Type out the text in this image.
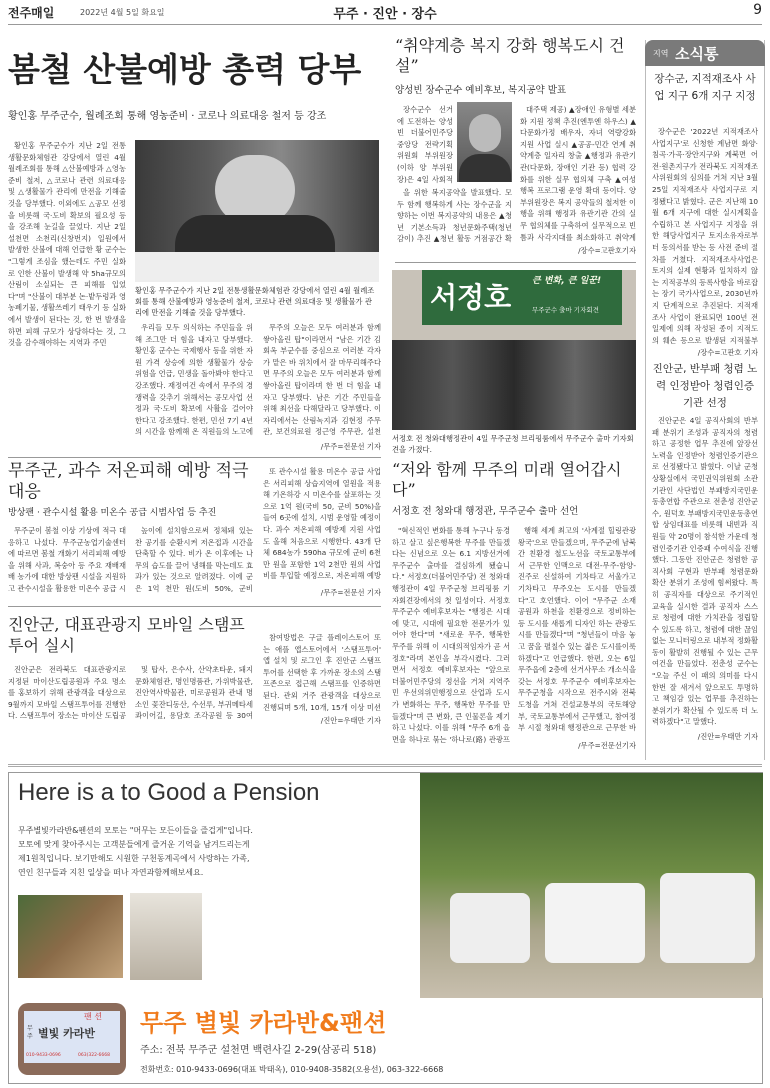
전주매일	2022년 4월 5일 화요일	무주 · 진안 · 장수	9
봄철 산불예방 총력 당부
황인홍 무주군수, 월례조회 통해 영농준비 · 코로나 의료대응 철저 등 강조

황인홍 무주군수가 지난 2일 전통생활문화체험관 강당에서 열린 4월 월례조회를 통해 △산불예방과 △영농준비 철저, △코로나 관련 의료대응 및 △생활물가 관리에 만전을 기해줄 것을 당부했다. 이외에도 △공모 선정을 비롯해 국·도비 확보의 필요성 등을 강조해 눈길을 끌었다. 지난 2일 설천면 소천리(신창번지) 일원에서 발생한 산불에 대해 언급한 황 군수는 "그렇게 조심을 했는데도 주민 실화로 인한 산불이 발생해 약 5ha규모의 산림이 소실되는 큰 피해를 입었다"며 "산불이 대부분 논·밭두렁과 영농폐기물, 생활쓰레기 태우기 등 실화에서 발생이 된다는 것, 한 번 발생을 하면 피해 규모가 상당하다는 것, 그것을 감수해야하는 지역과 주민

황인홍 무주군수가 지난 2일 전통생활문화체험관 강당에서 열린 4월 월례조회를 통해 산불예방과 영농준비 철저, 코로나 관련 의료대응 및 생활물가 관리에 만전을 기해줄 것을 당부했다.

우리들 모두 의식하는 주민들을 위해 조그만 더 힘을 내자고 당부했다. 황인홍 군수는 국제행사 등을 위한 자원 가격 상승에 의한 생활물가 상승 위험을 언급, 민생을 돌아봐야 한다고 강조했다. 재정여건 속에서 무주의 경쟁력을 갖추기 위해서는 공모사업 선정과 국·도비 확보에 사활을 걸어야 한다고 강조했다. 한편, 민선 7기 4년의 시간을 함께해 온 직원들의 노고에

무주의 오늘은 모두 여러분과 함께 쌓아올린 탑"이라면서 "남은 기간 김회옥 부군수를 중심으로 여러분 각자가 맡은 바 위치에서 잘 마무리해주다면 무주의 오늘은 모두 여러분과 함께 쌓아올린 탑이라며 한 번 더 힘을 내자고 당부했다. 남은 기간 주민들을 위해 최선을 다해달라고 당부했다. 이 자리에서는 산림녹지과 김현정 주무관, 보건의료원 정근영 주무관, 설천

/무주=전문선 기자
“취약계층 복지 강화 행복도시 건설”
양성빈 장수군수 예비후보, 복지공약 발표

장수군수 선거에 도전하는 양성빈 더불어민주당 중앙당 전략기획위원회 부위원장(이하 양 부위원장)은 4일 사회적

을 위한 복지공약을 발표했다. 모두 함께 행복하게 사는 장수군을 지향하는 이번 복지공약의 내용은 ▲청년 기본소득과 청년문화주택(청년 감이) 추진 ▲청년 활동 거점공간 확

대주택 제공) ▲장애인 유형별 세분화 지원 정책 추진(엔투엔 하우스) ▲다문화가정 배우자, 자녀 역량강화 지원 사업 실시 ▲공공-민간 연계 취약계층 일자리 창출 ▲행정과 유관기관(다문화, 장애인 기관 등) 협력 강화를 위한 실무 협의체 구축 ▲여성 행복 프로그램 운영 확대 등이다. 양 부위원장은 복지 공약들의 철저한 이행을 위해 행정과 유관기관 간의 실무 협의체를 구축하여 실무적으로 빈틈과 사각지대를 최소화하고 취약계

/장수=고판호기자
서정호 큰 변화, 큰 일꾼!
무주군수 출마 기자회견
서정호 전 청와대행정관이 4일 무주군청 브리핑룸에서 무주군수 출마 기자회견을 가졌다.
지역 소식통
장수군, 지적재조사 사업 지구 6개 지구 지정

장수군은 '2022년 지적재조사 사업지구'로 신청한 계남면 화양·침곡·가곡·장안지구와 계북면 어전·원촌지구가 전라북도 지적재조사위원회의 심의를 거쳐 지난 3월 25일 지적재조사 사업지구로 지정됐다고 밝혔다. 군은 지난해 10월 6개 지구에 대한 실시계획을 수립하고 본 사업지구 지정을 위한 해당사업지구 토지소유자로부터 동의서를 받는 등 사전 준비 절차를 거쳤다. 지적재조사사업은 토지의 실제 현황과 일치하지 않는 지적공부의 등록사항을 바로잡는 장기 국가사업으로, 2030년까지 단계적으로 추진된다. 지적재조사 사업이 완료되면 100년 전 일제에 의해 작성된 종이 지적도의 훼손 등으로 발생된 지적불부

/장수=고판호 기자
진안군, 반부패 청렴 노력 인정받아 청렴인증기관 선정

진안군은 4일 공직사회의 반부패 분위기 조성과 공직자의 청렴하고 공정한 업무 추진에 앞장선 노력을 인정받아 청렴인증기관으로 선정됐다고 밝혔다. 이날 군청 상황실에서 국민권익위원회 소관 기관인 사단법인 부패방지국민운동총연합 주관으로 전춘성 진안군수, 원덕호 부패방지국민운동총연합 상임대표를 비롯해 내빈과 직원들 약 20명이 참석한 가운데 청렴인증기관 인증패 수여식을 진행했다. 그동안 진안군은 청렴한 공직사회 구현과 반부패 청렴문화 확산 분위기 조성에 힘써왔다. 특히 공직자를 대상으로 주기적인 교육을 실시한 결과 공직자 스스로 청렴에 대한 가치관을 정립할 수 있도록 하고, 청렴에 대한 끊임없는 모니터링으로 내부적 정화활동이 활발히 진행될 수 있는 근무여건을 만들었다. 전춘성 군수는 "오늘 주신 이 패의 의미를 다시 한번 잘 새겨서 앞으로도 투명하고 책임감 있는 업무를 추진하는 분위기가 확산될 수 있도록 더 노력하겠다"고 말했다.

/진안=우태만 기자
무주군, 과수 저온피해 예방 적극 대응
방상팬 · 관수시설 활용 미온수 공급 시범사업 등 추진

무주군이 봄철 이상 기상에 적극 대응하고 나섰다. 무주군농업기술센터에 따르면 봄철 개화기 서리피해 예방을 위해 사과, 복숭아 등 주요 재배재배 농가에 대한 방상팬 시설을 지원하고 관수시설을 활용한 미온수 공급 시

높이에 설치함으로써 정체돼 있는 찬 공기를 순환시켜 저온접과 시간을 단축할 수 있다. 비가 온 이후에는 나무의 습도를 끌어 냉해를 막는데도 효과가 있는 것으로 알려졌다. 이에 군은 1억 천만 원(도비 50%, 군비

또 관수시설 활용 미온수 공급 사업은 서리피해 상습지역에 열원을 적용해 기온하강 시 미온수를 살포하는 것으로 1억 원(국비 50, 군비 50%)을 들여 6곳에 설치, 시범 운영할 예정이다. 과수 저온피해 예방제 지원 사업도 올해 처음으로 시행한다. 43개 단체 684농가 590ha 규모에 군비 6천만 원을 포함한 1억 2천만 원의 사업비를 투입할 예정으로, 저온피해 예방

/무주=전문선 기자
진안군, 대표관광지 모바일 스탬프투어 실시

진안군은 전라북도 대표관광지로 지정된 마이산도립공원과 주요 명소를 홍보하기 위해 관광객을 대상으로 9월까지 모바일 스탬프투어를 진행한다. 스탬프투어 장소는 마이산 도립공

및 탑사, 은수사, 산약초타운, 돼지문화체험관, 명인명품관, 가위박물관, 진안역사박물관, 미로공원과 관내 명소인 꽃잔디동산, 수선루, 부귀메타세콰이어길, 용담호 조각공원 등 30여

참여방법은 구글 플레이스토어 또는 애플 앱스토어에서 '스탬프투어' 앱 설치 및 로그인 후 진안군 스탬프투어를 선택한 후 가까운 장소의 스탬프존으로 접근해 스탬프를 인증하면 된다. 관외 거주 관광객을 대상으로 진행되며 5개, 10개, 15개 이상 미션

/진안=우태만 기자
“저와 함께 무주의 미래 열어갑시다”
서정호 전 청와대 행정관, 무주군수 출마 선언

"혁신적인 변화를 통해 누구나 동경하고 살고 싶은행복한 무주를 만들겠다는 신념으로 오는 6.1 지방선거에 무주군수 출마를 결심하게 됐습니다." 서정호(더불어민주당) 전 청와대행정관이 4일 무주군청 브리핑룸 기자회견장에서의 첫 일성이다. 서정호 무주군수 예비후보자는 "행정은 시대에 맞고, 시대에 필요한 전문가가 있어야 한다"며 "새로운 무주, 행복한 무주를 위해 이 시대의적임자가 곧 서정호"라며 본인을 부각시켰다. 그러면서 서정호 예비후보자는 "앞으로 더불어민주당의 정선을 거쳐 지역주민 우선의위민행정으로 산업과 도시가 변화하는 무주, 행복한 무주를 만들겠다"며 큰 변화, 큰 인물론을 제기하고 나섰다. 이를 위해 "무주 6개 읍면을 하나로 묶는 '하나로(路) 관광프

행해 세계 최고의 '사계절 힐링관광왕국'으로 만들겠으며, 무주군에 남북간 친환경 철도노선을 국토교통부에서 근무한 인맥으로 대전-무주-함양-진주로 신설하여 기차타고 서울가고 기차타고 무주오는 도시를 만들겠다"고 호언했다. 이어 "무주군 소재 공원과 하천을 친환경으로 정비하는 등 도시를 새롭게 디자인 하는 관광도시를 만들겠다"며 "청년들이 마음 놓고 꿈을 펼칠수 있는 젊은 도시를이룩하겠다"고 언급했다. 한편, 오는 6일 무주읍에 2층에 선거사무소 개소식을 갖는 서정호 무주군수 예비후보자는 무주군청을 시작으로 전주시와 전북도청을 거쳐 건설교통부의 국토해양부, 국토교통부에서 근무했고, 참여정부 시절 청와대 행정관으로 근무한 바

/무주=전문선기자
Here is a to Good a Pension
무주별빛카라반&펜션의 모토는 "머무는 모든이들을 즐겁게"입니다.
모토에 맞게 찾아주시는 고객분들에게 즐거운 기억을 남겨드리는게
제1원칙입니다. 보기만해도 시원한 구천동계곡에서 사랑하는 가족,
연인 친구들과 지친 일상을 떠나 자연과함께해보세요.
팬 션
무주 별빛 카라반
010-9433-0696	063)322-6668
무주 별빛 카라반&팬션
주소: 전북 무주군 설천면 백련사길 2-29(삼공리 518)
전화번호: 010-9433-0696(대표 박태옥), 010-9408-3582(오용선), 063-322-6668
